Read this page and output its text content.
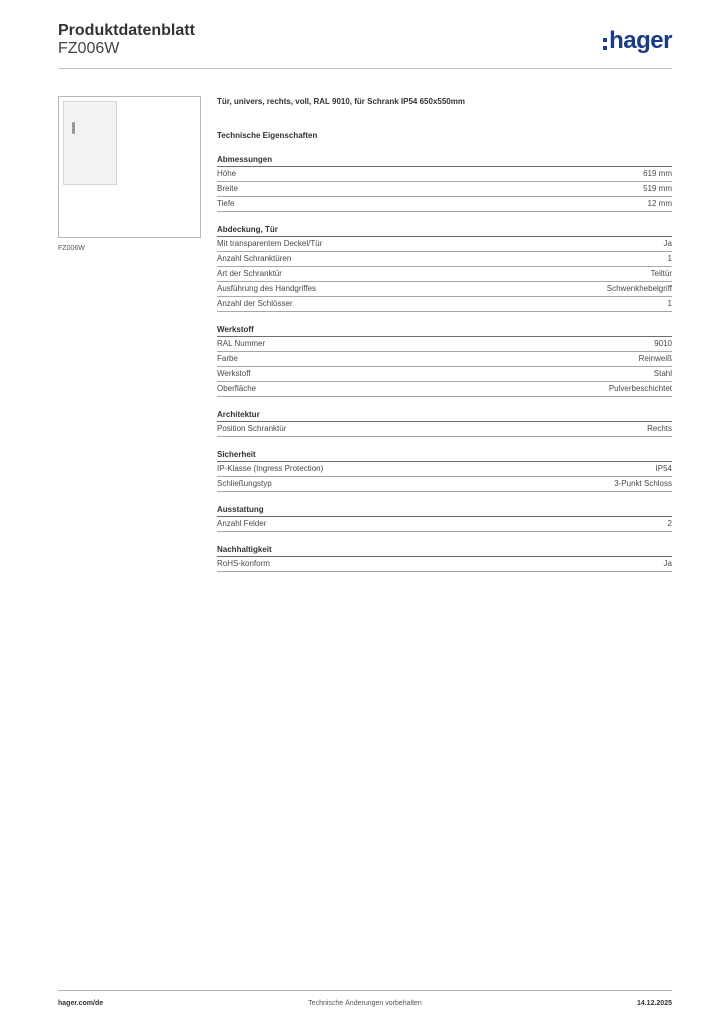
Produktdatenblatt
FZ006W	hager
FZ006W
Tür, univers, rechts, voll, RAL 9010, für Schrank IP54 650x550mm
Technische Eigenschaften
Abmessungen
Höhe	619 mm
Breite	519 mm
Tiefe	12 mm
Abdeckung, Tür
Mit transparentem Deckel/Tür	Ja
Anzahl Schranktüren	1
Art der Schranktür	Teiltür
Ausführung des Handgriffes	Schwenkhebelgriff
Anzahl der Schlösser	1
Werkstoff
RAL Nummer	9010
Farbe	Reinweiß
Werkstoff	Stahl
Oberfläche	Pulverbeschichtet
Architektur
Position Schranktür	Rechts
Sicherheit
IP-Klasse (Ingress Protection)	IP54
Schließungstyp	3-Punkt Schloss
Ausstattung
Anzahl Felder	2
Nachhaltigkeit
RoHS-konform	Ja
hager.com/de	Technische Änderungen vorbehalten	14.12.2025
